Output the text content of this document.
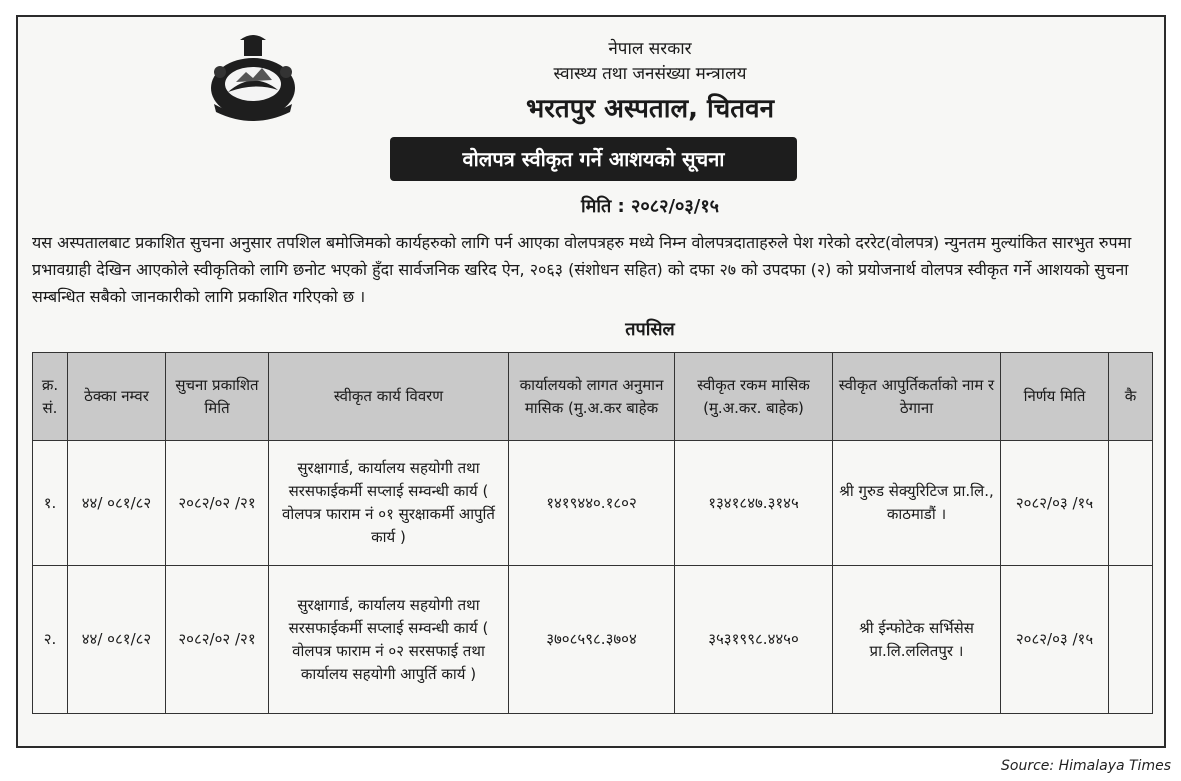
नेपाल सरकार
स्वास्थ्य तथा जनसंख्या मन्त्रालय
भरतपुर अस्पताल, चितवन
वोलपत्र स्वीकृत गर्ने आशयको सूचना
मिति : २०८२/०३/१५

यस अस्पतालबाट प्रकाशित सुचना अनुसार तपशिल बमोजिमको कार्यहरुको लागि पर्न आएका वोलपत्रहरु मध्ये निम्न वोलपत्रदाताहरुले पेश गरेको दररेट(वोलपत्र) न्युनतम मुल्यांकित सारभुत रुपमा प्रभावग्राही देखिन आएकोले स्वीकृतिको लागि छनोट भएको हुँदा सार्वजनिक खरिद ऐन, २०६३ (संशोधन सहित) को दफा २७ को उपदफा (२) को प्रयोजनार्थ वोलपत्र स्वीकृत गर्ने आशयको सुचना सम्बन्धित सबैको जानकारीको लागि प्रकाशित गरिएको छ ।

तपसिल
क्र. सं.	ठेक्का नम्वर	सुचना प्रकाशित मिति	स्वीकृत कार्य विवरण	कार्यालयको लागत अनुमान मासिक (मु.अ.कर बाहेक	स्वीकृत रकम मासिक (मु.अ.कर. बाहेक)	स्वीकृत आपुर्तिकर्ताको नाम र ठेगाना	निर्णय मिति	कै
१.	४४/ ०८१/८२	२०८२/०२ /२१	सुरक्षागार्ड, कार्यालय सहयोगी तथा सरसफाईकर्मी सप्लाई सम्वन्धी कार्य ( वोलपत्र फाराम नं ०१ सुरक्षाकर्मी आपुर्ति कार्य )	१४१९४४०.१८०२	१३४१८४७.३१४५	श्री गुरुड सेक्युरिटिज प्रा.लि., काठमाडौं ।	२०८२/०३ /१५	
२.	४४/ ०८१/८२	२०८२/०२ /२१	सुरक्षागार्ड, कार्यालय सहयोगी तथा सरसफाईकर्मी सप्लाई सम्वन्धी कार्य ( वोलपत्र फाराम नं ०२ सरसफाई तथा कार्यालय सहयोगी आपुर्ति कार्य )	३७०८५९८.३७०४	३५३१९९८.४४५०	श्री ईन्फोटेक सर्भिसेस प्रा.लि.ललितपुर ।	२०८२/०३ /१५	
Source: Himalaya Times
